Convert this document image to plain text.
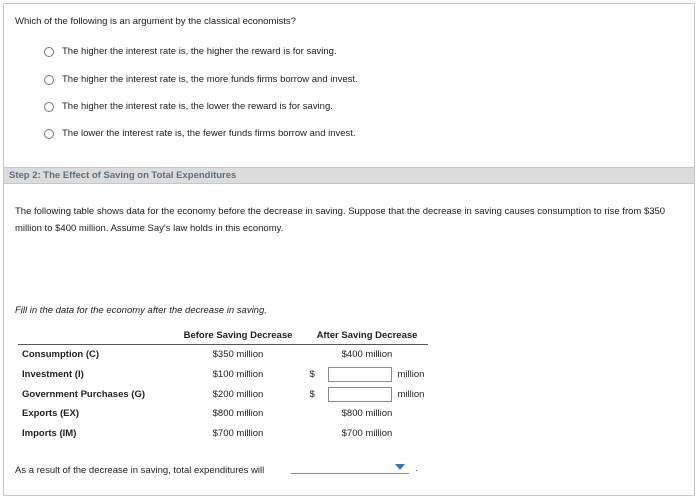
Which of the following is an argument by the classical economists?
The higher the interest rate is, the higher the reward is for saving.
The higher the interest rate is, the more funds firms borrow and invest.
The higher the interest rate is, the lower the reward is for saving.
The lower the interest rate is, the fewer funds firms borrow and invest.
Step 2: The Effect of Saving on Total Expenditures
The following table shows data for the economy before the decrease in saving. Suppose that the decrease in saving causes consumption to rise from $350 million to $400 million. Assume Say's law holds in this economy.
Fill in the data for the economy after the decrease in saving.
	Before Saving Decrease	After Saving Decrease
Consumption (C)	$350 million	$400 million
Investment (I)	$100 million	$ million

Government Purchases (G)	$200 million	$ million

Exports (EX)	$800 million	$800 million
Imports (IM)	$700 million	$700 million
As a result of the decrease in saving, total expenditures will	.
